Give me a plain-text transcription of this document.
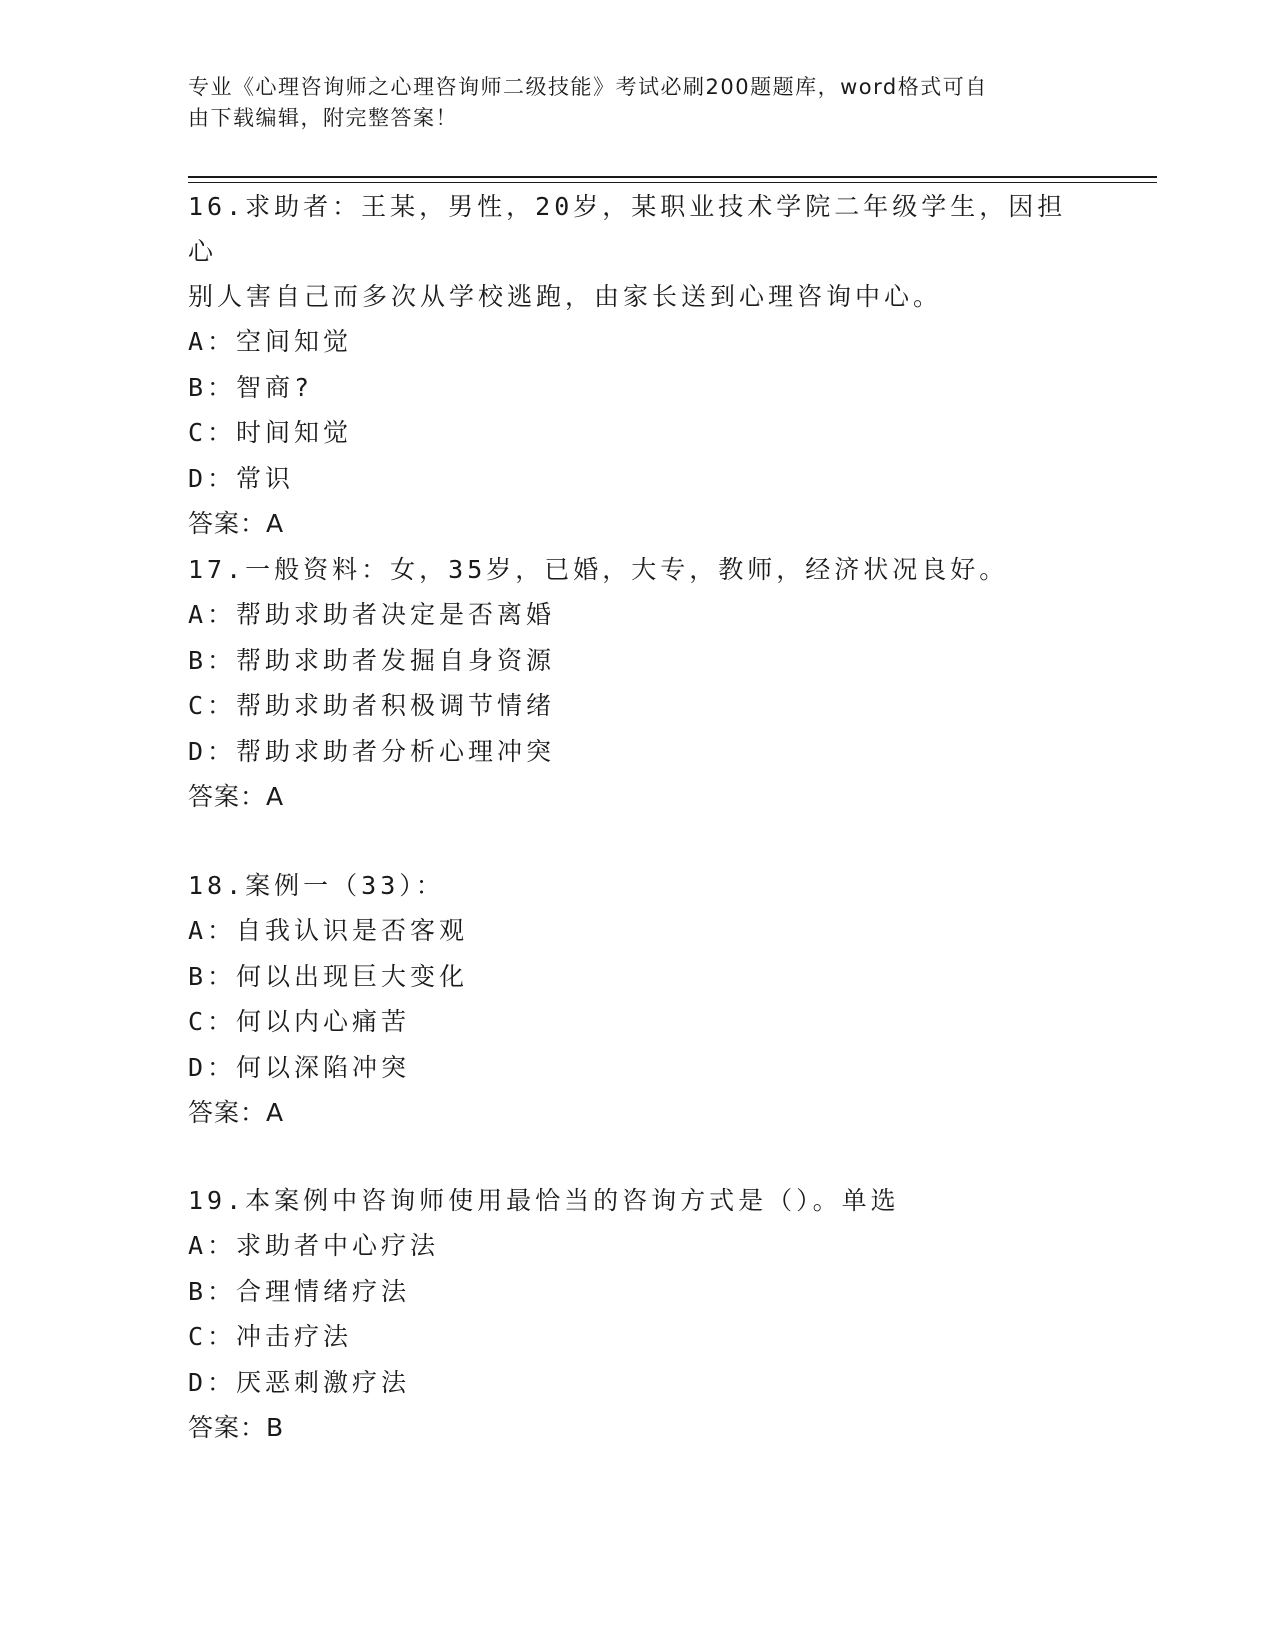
专业《心理咨询师之心理咨询师二级技能》考试必刷200题题库，word格式可自
由下载编辑，附完整答案！

16.求助者：王某，男性，20岁，某职业技术学院二年级学生，因担心

别人害自己而多次从学校逃跑，由家长送到心理咨询中心。

A：空间知觉

B：智商?

C：时间知觉

D：常识

答案：A

17.一般资料：女，35岁，已婚，大专，教师，经济状况良好。

A：帮助求助者决定是否离婚

B：帮助求助者发掘自身资源

C：帮助求助者积极调节情绪

D：帮助求助者分析心理冲突

答案：A

18.案例一（33）：

A：自我认识是否客观

B：何以出现巨大变化

C：何以内心痛苦

D：何以深陷冲突

答案：A

19.本案例中咨询师使用最恰当的咨询方式是（）。单选

A：求助者中心疗法

B：合理情绪疗法

C：冲击疗法

D：厌恶刺激疗法

答案：B
